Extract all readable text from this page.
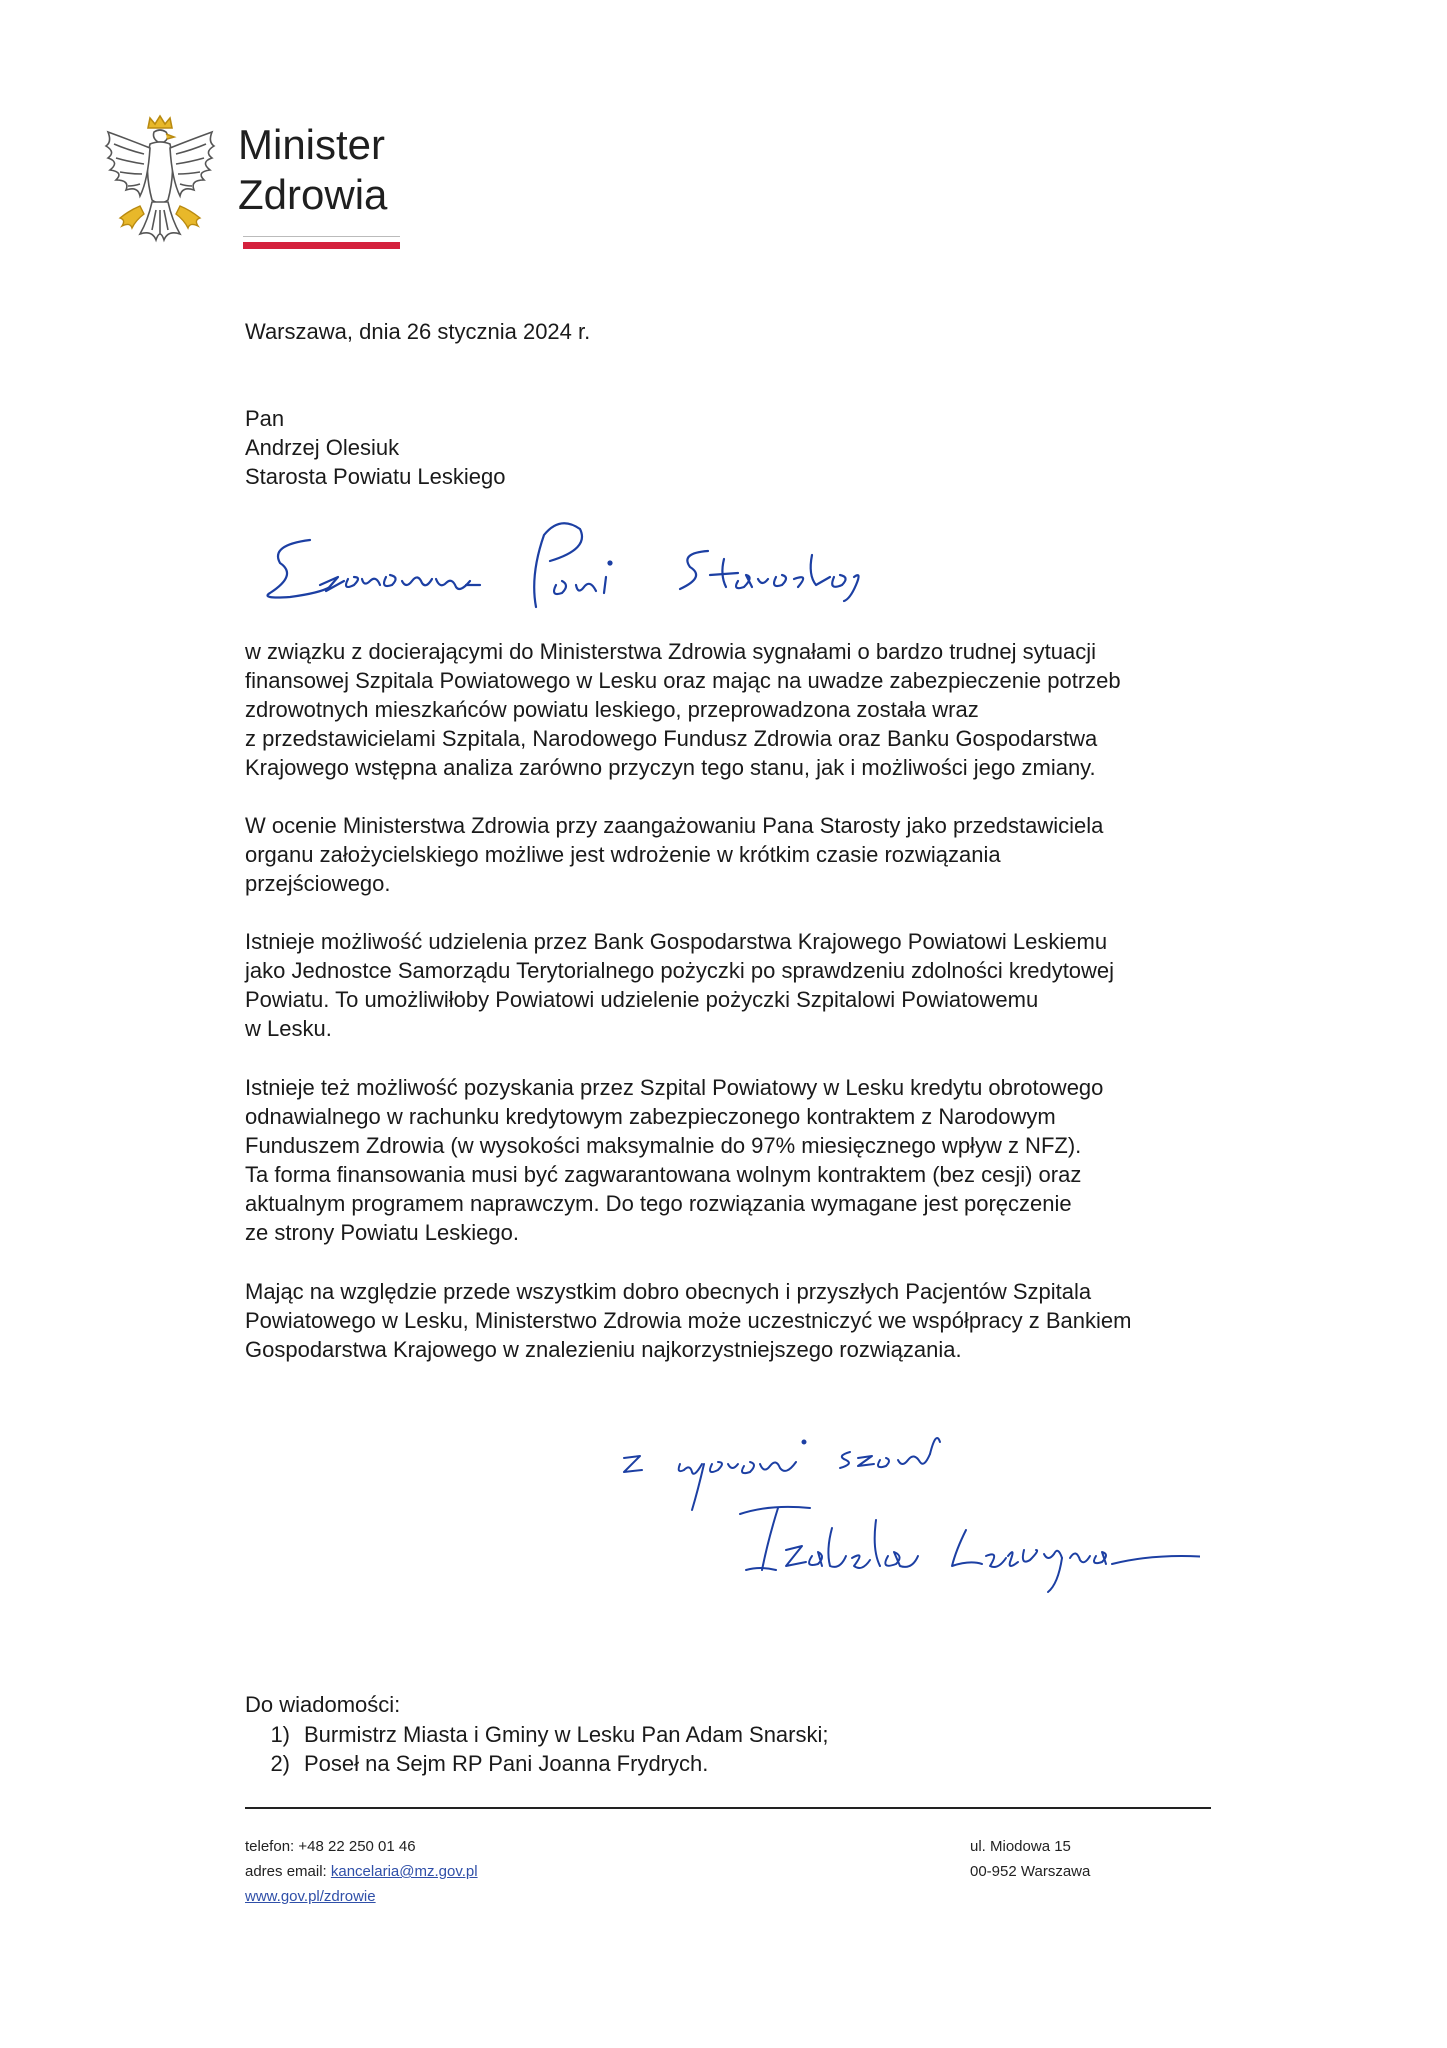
Minister
Zdrowia
Warszawa, dnia 26 stycznia 2024 r.
Pan
Andrzej Olesiuk
Starosta Powiatu Leskiego
w związku z docierającymi do Ministerstwa Zdrowia sygnałami o bardzo trudnej sytuacji
finansowej Szpitala Powiatowego w Lesku oraz mając na uwadze zabezpieczenie potrzeb
zdrowotnych mieszkańców powiatu leskiego, przeprowadzona została wraz
z przedstawicielami Szpitala, Narodowego Fundusz Zdrowia oraz Banku Gospodarstwa
Krajowego wstępna analiza zarówno przyczyn tego stanu, jak i możliwości jego zmiany.
W ocenie Ministerstwa Zdrowia przy zaangażowaniu Pana Starosty jako przedstawiciela
organu założycielskiego możliwe jest wdrożenie w krótkim czasie rozwiązania
przejściowego.
Istnieje możliwość udzielenia przez Bank Gospodarstwa Krajowego Powiatowi Leskiemu
jako Jednostce Samorządu Terytorialnego pożyczki po sprawdzeniu zdolności kredytowej
Powiatu. To umożliwiłoby Powiatowi udzielenie pożyczki Szpitalowi Powiatowemu
w Lesku.
Istnieje też możliwość pozyskania przez Szpital Powiatowy w Lesku kredytu obrotowego
odnawialnego w rachunku kredytowym zabezpieczonego kontraktem z Narodowym
Funduszem Zdrowia (w wysokości maksymalnie do 97% miesięcznego wpływ z NFZ).
Ta forma finansowania musi być zagwarantowana wolnym kontraktem (bez cesji) oraz
aktualnym programem naprawczym. Do tego rozwiązania wymagane jest poręczenie
ze strony Powiatu Leskiego.
Mając na względzie przede wszystkim dobro obecnych i przyszłych Pacjentów Szpitala
Powiatowego w Lesku, Ministerstwo Zdrowia może uczestniczyć we współpracy z Bankiem
Gospodarstwa Krajowego w znalezieniu najkorzystniejszego rozwiązania.
Do wiadomości:
1) Burmistrz Miasta i Gminy w Lesku Pan Adam Snarski;
2) Poseł na Sejm RP Pani Joanna Frydrych.
telefon: +48 22 250 01 46
adres email: kancelaria@mz.gov.pl
www.gov.pl/zdrowie
ul. Miodowa 15
00-952 Warszawa
